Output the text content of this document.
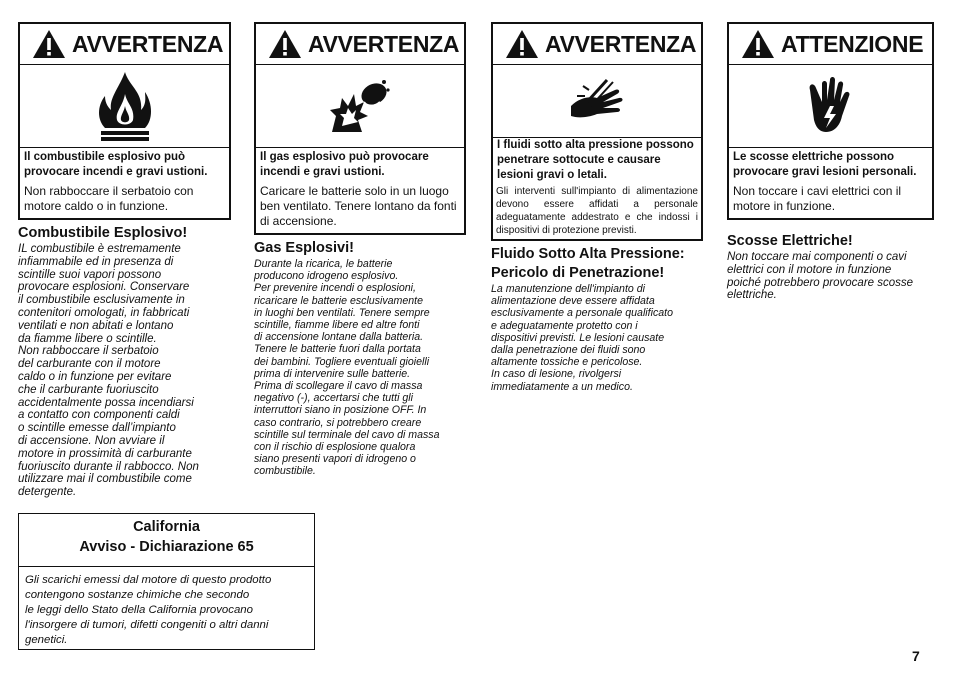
AVVERTENZA
Il combustibile esplosivo può provocare incendi e gravi ustioni.
Non rabboccare il serbatoio con motore caldo o in funzione.
Combustibile Esplosivo!
IL combustibile è estremamente
infiammabile ed in presenza di
scintille suoi vapori possono
provocare esplosioni. Conservare
il combustibile esclusivamente in
contenitori omologati, in fabbricati
ventilati e non abitati e lontano
da fiamme libere o scintille.
Non rabboccare il serbatoio
del carburante con il motore
caldo o in funzione per evitare
che il carburante fuoriuscito
accidentalmente possa incendiarsi
a contatto con componenti caldi
o scintille emesse dall’impianto
di accensione. Non avviare il
motore in prossimità di carburante
fuoriuscito durante il rabbocco. Non
utilizzare mai il combustibile come
detergente.
AVVERTENZA
Il gas esplosivo può provocare incendi e gravi ustioni.
Caricare le batterie solo in un luogo ben ventilato. Tenere lontano da fonti di accensione.
Gas Esplosivi!
Durante la ricarica, le batterie
producono idrogeno esplosivo.
Per prevenire incendi o esplosioni,
ricaricare le batterie esclusivamente
in luoghi ben ventilati. Tenere sempre
scintille, fiamme libere ed altre fonti
di accensione lontane dalla batteria.
Tenere le batterie fuori dalla portata
dei bambini. Togliere eventuali gioielli
prima di intervenire sulle batterie.
Prima di scollegare il cavo di massa
negativo (-), accertarsi che tutti gli
interruttori siano in posizione OFF. In
caso contrario, si potrebbero creare
scintille sul terminale del cavo di massa
con il rischio di esplosione qualora
siano presenti vapori di idrogeno o
combustibile.
AVVERTENZA
I fluidi sotto alta pressione possono penetrare sottocute e causare lesioni gravi o letali.
Gli interventi sull'impianto di alimentazione devono essere affidati a personale adeguatamente addestrato e che indossi i dispositivi di protezione previsti.
Fluido Sotto Alta Pressione: Pericolo di Penetrazione!
La manutenzione dell'impianto di
alimentazione deve essere affidata
esclusivamente a personale qualificato
e adeguatamente protetto con i
dispositivi previsti. Le lesioni causate
dalla penetrazione dei fluidi sono
altamente tossiche e pericolose.
In caso di lesione, rivolgersi
immediatamente a un medico.
ATTENZIONE
Le scosse elettriche possono provocare gravi lesioni personali.
Non toccare i cavi elettrici con il motore in funzione.
Scosse Elettriche!
Non toccare mai componenti o cavi
elettrici con il motore in funzione
poiché potrebbero provocare scosse
elettriche.
California
Avviso - Dichiarazione 65
Gli scarichi emessi dal motore di questo prodotto
contengono sostanze chimiche che secondo
le leggi dello Stato della California provocano
l'insorgere di tumori, difetti congeniti o altri danni
genetici.
7
